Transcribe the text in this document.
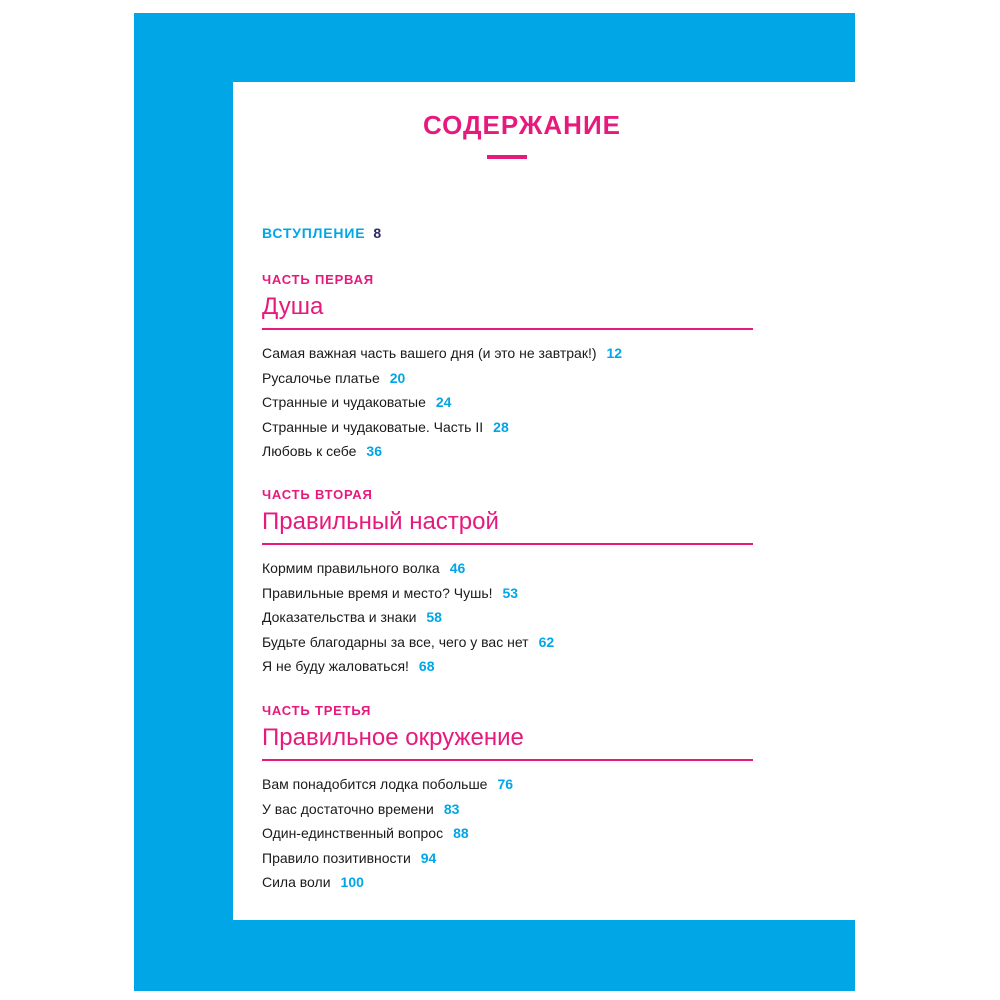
СОДЕРЖАНИЕ
ВСТУПЛЕНИЕ 8
ЧАСТЬ ПЕРВАЯ
Душа
Самая важная часть вашего дня (и это не завтрак!) 12
Русалочье платье 20
Странные и чудаковатые 24
Странные и чудаковатые. Часть II 28
Любовь к себе 36
ЧАСТЬ ВТОРАЯ
Правильный настрой
Кормим правильного волка 46
Правильные время и место? Чушь! 53
Доказательства и знаки 58
Будьте благодарны за все, чего у вас нет 62
Я не буду жаловаться! 68
ЧАСТЬ ТРЕТЬЯ
Правильное окружение
Вам понадобится лодка побольше 76
У вас достаточно времени 83
Один-единственный вопрос 88
Правило позитивности 94
Сила воли 100
